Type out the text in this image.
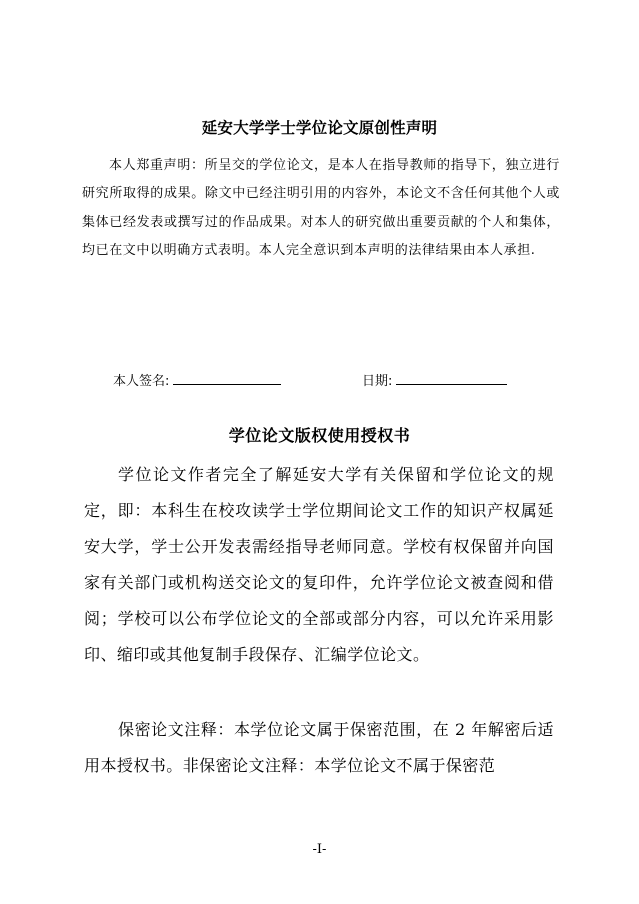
延安大学学士学位论文原创性声明

本人郑重声明：所呈交的学位论文，是本人在指导教师的指导下，独立进行研究所取得的成果。除文中已经注明引用的内容外，本论文不含任何其他个人或集体已经发表或撰写过的作品成果。对本人的研究做出重要贡献的个人和集体，均已在文中以明确方式表明。本人完全意识到本声明的法律结果由本人承担.

本人签名:	日期:
学位论文版权使用授权书

学位论文作者完全了解延安大学有关保留和学位论文的规定，即：本科生在校攻读学士学位期间论文工作的知识产权属延安大学，学士公开发表需经指导老师同意。学校有权保留并向国家有关部门或机构送交论文的复印件，允许学位论文被查阅和借阅；学校可以公布学位论文的全部或部分内容，可以允许采用影印、缩印或其他复制手段保存、汇编学位论文。

保密论文注释：本学位论文属于保密范围，在 2 年解密后适用本授权书。非保密论文注释：本学位论文不属于保密范

-I-
